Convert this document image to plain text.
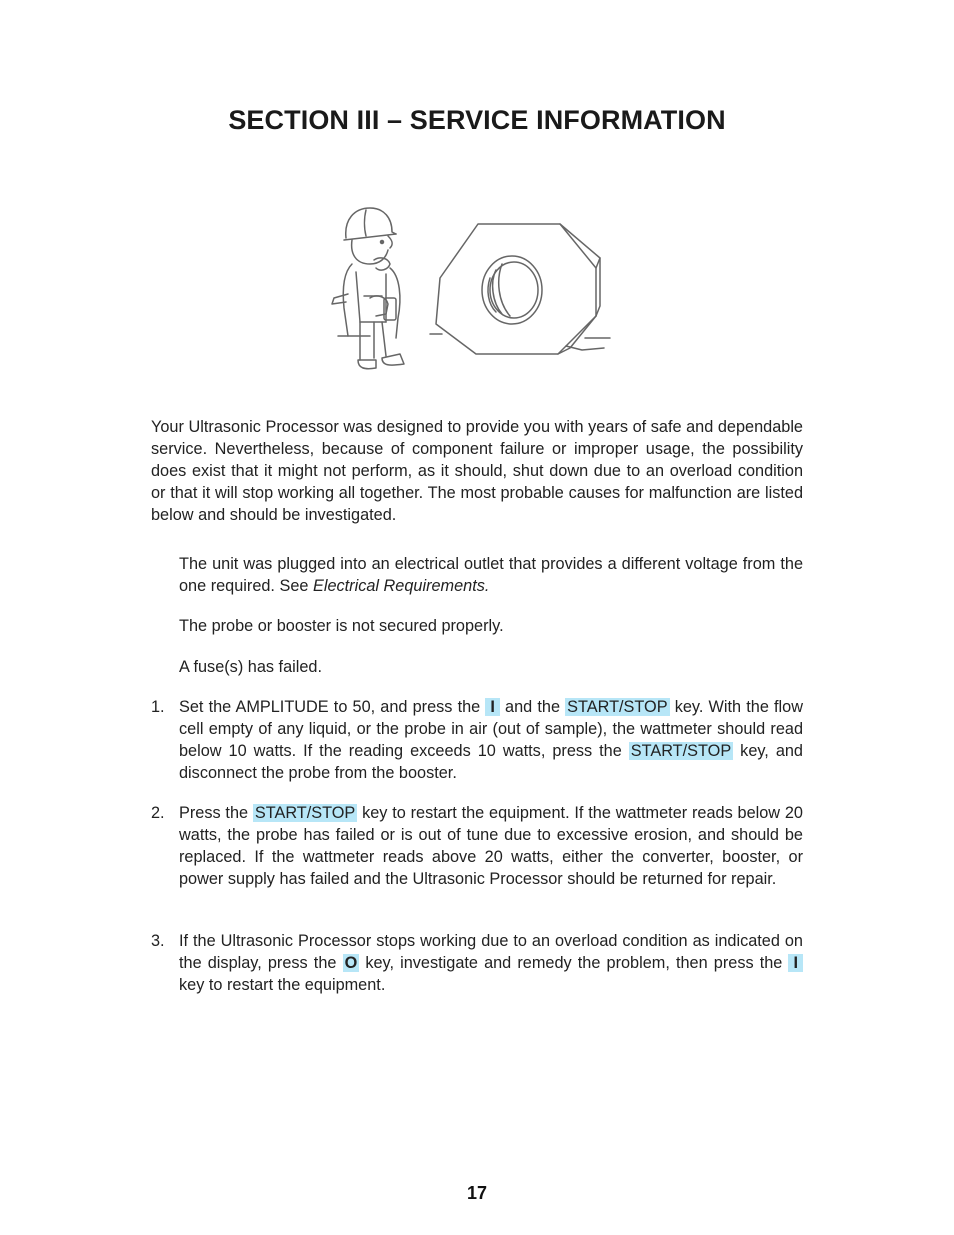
SECTION III – SERVICE INFORMATION
Your Ultrasonic Processor was designed to provide you with years of safe and dependable service. Nevertheless, because of component failure or improper usage, the possibility does exist that it might not perform, as it should, shut down due to an overload condition or that it will stop working all together. The most probable causes for malfunction are listed below and should be investigated.
The unit was plugged into an electrical outlet that provides a different voltage from the one required. See Electrical Requirements.
The probe or booster is not secured properly.
A fuse(s) has failed.
1. Set the AMPLITUDE to 50, and press the I and the START/STOP key. With the flow cell empty of any liquid, or the probe in air (out of sample), the wattmeter should read below 10 watts. If the reading exceeds 10 watts, press the START/STOP key, and disconnect the probe from the booster.
2. Press the START/STOP key to restart the equipment. If the wattmeter reads below 20 watts, the probe has failed or is out of tune due to excessive erosion, and should be replaced. If the wattmeter reads above 20 watts, either the converter, booster, or power supply has failed and the Ultrasonic Processor should be returned for repair.
3. If the Ultrasonic Processor stops working due to an overload condition as indicated on the display, press the O key, investigate and remedy the problem, then press the I key to restart the equipment.
17
